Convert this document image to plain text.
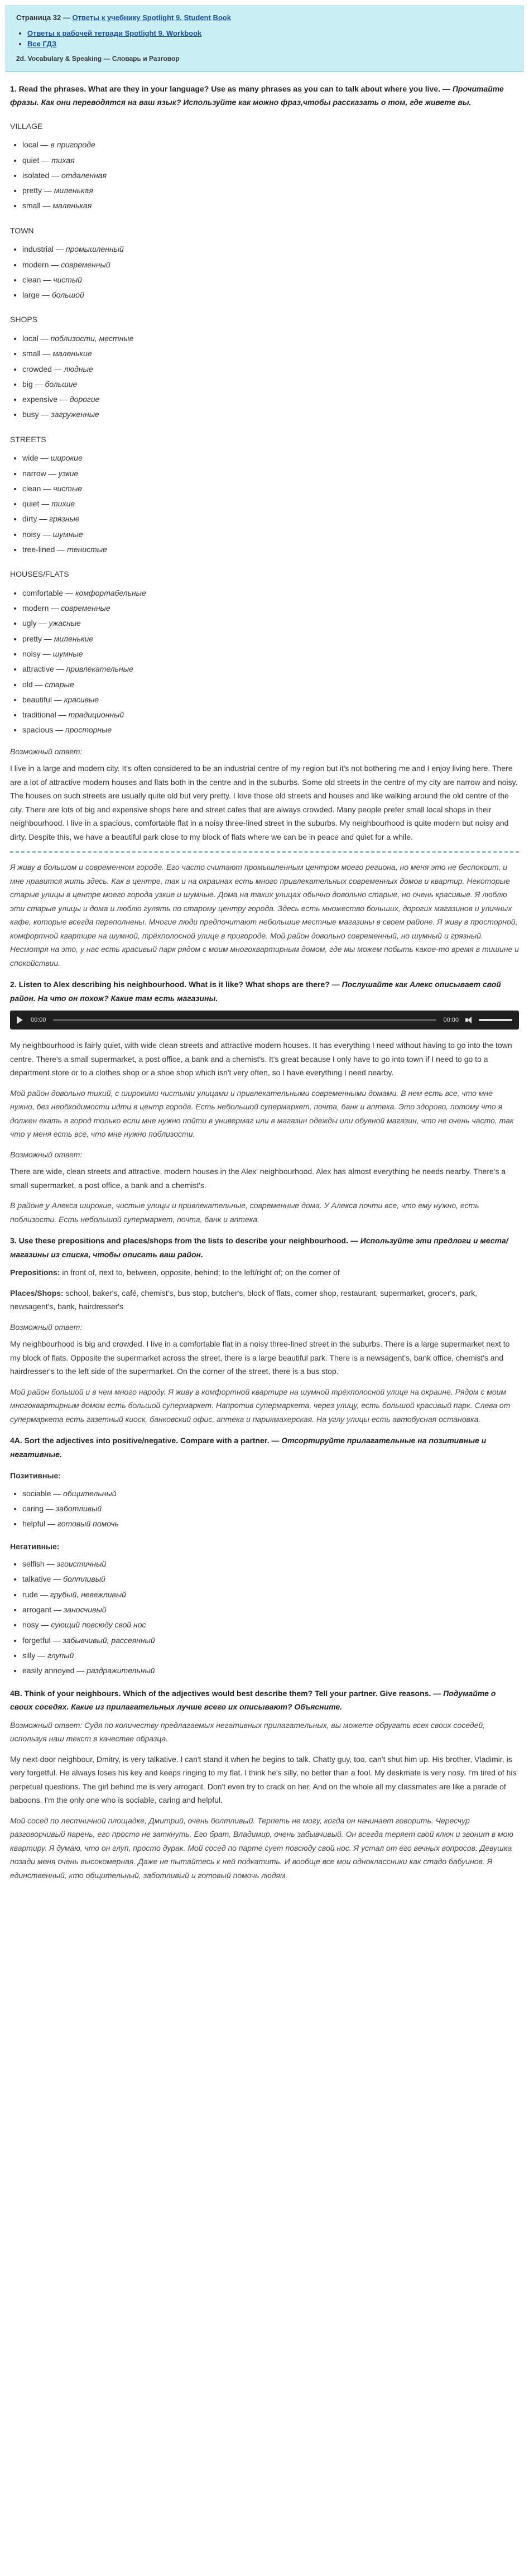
Страница 32 — Ответы к учебнику Spotlight 9. Student Book
• Ответы к рабочей тетради Spotlight 9. Workbook
• Все ГДЗ
2d. Vocabulary & Speaking — Словарь и Разговор
1. Read the phrases. What are they in your language? Use as many phrases as you can to talk about where you live. — Прочитайте фразы. Как они переводятся на ваш язык? Используйте как можно фраз,чтобы рассказать о том, где живете вы.
VILLAGE
• local — в пригороде
• quiet — тихая
• isolated — отдаленная
• pretty — миленькая
• small — маленькая
TOWN
• industrial — промышленный
• modern — современный
• clean — чистый
• large — большой
SHOPS
• local — поблизости, местные
• small — маленькие
• crowded — людные
• big — большие
• expensive — дорогие
• busy — загруженные
STREETS
• wide — широкие
• narrow — узкие
• clean — чистые
• quiet — тихие
• dirty — грязные
• noisy — шумные
• tree-lined — тенистые
HOUSES/FLATS
• comfortable — комфортабельные
• modern — современные
• ugly — ужасные
• pretty — миленькие
• noisy — шумные
• attractive — привлекательные
• old — старые
• beautiful — красивые
• traditional — традиционный
• spacious — просторные
Возможный ответ:

I live in a large and modern city. It's often considered to be an industrial centre of my region but it's not bothering me and I enjoy living here. There are a lot of attractive modern houses and flats both in the centre and in the suburbs. Some old streets in the centre of my city are narrow and noisy. The houses on such streets are usually quite old but very pretty. I love those old streets and houses and like walking around the old centre of the city. There are lots of big and expensive shops here and street cafes that are always crowded. Many people prefer small local shops in their neighbourhood. I live in a spacious, comfortable flat in a noisy three-lined street in the suburbs. My neighbourhood is quite modern but noisy and dirty. Despite this, we have a beautiful park close to my block of flats where we can be in peace and quiet for a while.

Я живу в большом и современном городе. Его часто считают промышленным центром моего региона, но меня это не беспокоит, и мне нравится жить здесь. Как в центре, так и на окраинах есть много привлекательных современных домов и квартир. Некоторые старые улицы в центре моего города узкие и шумные. Дома на таких улицах обычно довольно старые, но очень красивые. Я люблю эти старые улицы и дома и люблю гулять по старому центру города. Здесь есть множество больших, дорогих магазинов и уличных кафе, которые всегда переполнены. Многие люди предпочитают небольшие местные магазины в своем районе. Я живу в просторной, комфортной квартире на шумной, трёхполосной улице в пригороде. Мой район довольно современный, но шумный и грязный. Несмотря на это, у нас есть красивый парк рядом с моим многоквартирным домом, где мы можем побыть какое-то время в тишине и спокойствии.

2. Listen to Alex describing his neighbourhood. What is it like? What shops are there? — Послушайте как Алекс описывает свой район. На что он похож? Какие там есть магазины.
00:00	00:00

My neighbourhood is fairly quiet, with wide clean streets and attractive modern houses. It has everything I need without having to go into the town centre. There's a small supermarket, a post office, a bank and a chemist's. It's great because I only have to go into town if I need to go to a department store or to a clothes shop or a shoe shop which isn't very often, so I have everything I need nearby.

Мой район довольно тихий, с широкими чистыми улицами и привлекательными современными домами. В нем есть все, что мне нужно, без необходимости идти в центр города. Есть небольшой супермаркет, почта, банк и аптека. Это здорово, потому что я должен ехать в город только если мне нужно пойти в универмаг или в магазин одежды или обувной магазин, что не очень часто, так что у меня есть все, что мне нужно поблизости.

Возможный ответ:

There are wide, clean streets and attractive, modern houses in the Alex' neighbourhood. Alex has almost everything he needs nearby. There's a small supermarket, a post office, a bank and a chemist's.

В районе у Алекса широкие, чистые улицы и привлекательные, современные дома. У Алекса почти все, что ему нужно, есть поблизости. Есть небольшой супермаркет, почта, банк и аптека.

3. Use these prepositions and places/shops from the lists to describe your neighbourhood. — Используйте эти предлоги и места/магазины из списка, чтобы описать ваш район.

Prepositions: in front of, next to, between, opposite, behind; to the left/right of; on the corner of

Places/Shops: school, baker's, café, chemist's, bus stop, butcher's, block of flats, corner shop, restaurant, supermarket, grocer's, park, newsagent's, bank, hairdresser's

Возможный ответ:

My neighbourhood is big and crowded. I live in a comfortable flat in a noisy three-lined street in the suburbs. There is a large supermarket next to my block of flats. Opposite the supermarket across the street, there is a large beautiful park. There is a newsagent's, bank office, chemist's and hairdresser's to the left side of the supermarket. On the corner of the street, there is a bus stop.

Мой район большой и в нем много народу. Я живу в комфортной квартире на шумной трёхполосной улице на окраине. Рядом с моим многоквартирным домом есть большой супермаркет. Напротив супермаркета, через улицу, есть большой красивый парк. Слева от супермаркета есть газетный киоск, банковский офис, аптека и парикмахерская. На углу улицы есть автобусная остановка.

4A. Sort the adjectives into positive/negative. Compare with a partner. — Отсортируйте прилагательные на позитивные и негативные.
Позитивные:
• sociable — общительный
• caring — заботливый
• helpful — готовый помочь
Негативные:
• selfish — эгоистичный
• talkative — болтливый
• rude — грубый, невежливый
• arrogant — заносчивый
• nosy — сующий повсюду свой нос
• forgetful — забывчивый, рассеянный
• silly — глупый
• easily annoyed — раздражительный
4B. Think of your neighbours. Which of the adjectives would best describe them? Tell your partner. Give reasons. — Подумайте о своих соседях. Какие из прилагательных лучше всего их описывают? Объясните.

Возможный ответ: Судя по количеству предлагаемых негативных прилагательных, вы можете обругать всех своих соседей, используя наш текст в качестве образца.

My next-door neighbour, Dmitry, is very talkative. I can't stand it when he begins to talk. Chatty guy, too, can't shut him up. His brother, Vladimir, is very forgetful. He always loses his key and keeps ringing to my flat. I think he's silly, no better than a fool. My deskmate is very nosy. I'm tired of his perpetual questions. The girl behind me is very arrogant. Don't even try to crack on her. And on the whole all my classmates are like a parade of baboons. I'm the only one who is sociable, caring and helpful.

Мой сосед по лестничной площадке, Дмитрий, очень болтливый. Терпеть не могу, когда он начинает говорить. Чересчур разговорчивый парень, его просто не заткнуть. Его брат, Владимир, очень забывчивый. Он всегда теряет свой ключ и звонит в мою квартиру. Я думаю, что он глуп, просто дурак. Мой сосед по парте сует повсюду свой нос. Я устал от его вечных вопросов. Девушка позади меня очень высокомерная. Даже не пытайтесь к ней подкатить. И вообще все мои одноклассники как стадо бабуинов. Я единственный, кто общительный, заботливый и готовый помочь людям.
